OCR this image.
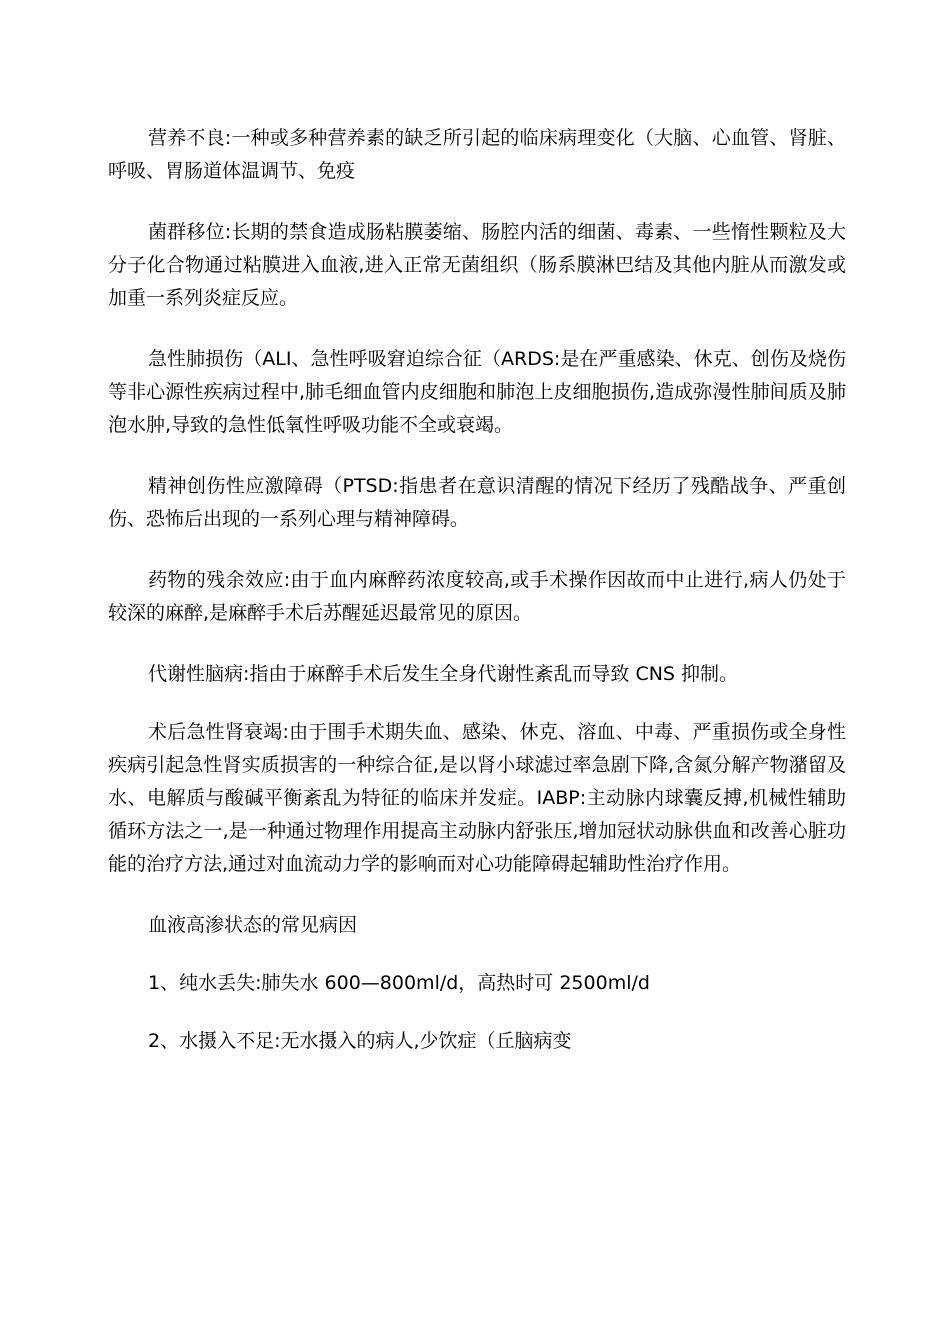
营养不良:一种或多种营养素的缺乏所引起的临床病理变化（大脑、心血管、肾脏、呼吸、胃肠道体温调节、免疫

菌群移位:长期的禁食造成肠粘膜萎缩、肠腔内活的细菌、毒素、一些惰性颗粒及大分子化合物通过粘膜进入血液,进入正常无菌组织（肠系膜淋巴结及其他内脏从而激发或加重一系列炎症反应。

急性肺损伤（ALI、急性呼吸窘迫综合征（ARDS:是在严重感染、休克、创伤及烧伤等非心源性疾病过程中,肺毛细血管内皮细胞和肺泡上皮细胞损伤,造成弥漫性肺间质及肺泡水肿,导致的急性低氧性呼吸功能不全或衰竭。

精神创伤性应激障碍（PTSD:指患者在意识清醒的情况下经历了残酷战争、严重创伤、恐怖后出现的一系列心理与精神障碍。

药物的残余效应:由于血内麻醉药浓度较高,或手术操作因故而中止进行,病人仍处于较深的麻醉,是麻醉手术后苏醒延迟最常见的原因。

代谢性脑病:指由于麻醉手术后发生全身代谢性紊乱而导致 CNS 抑制。

术后急性肾衰竭:由于围手术期失血、感染、休克、溶血、中毒、严重损伤或全身性疾病引起急性肾实质损害的一种综合征,是以肾小球滤过率急剧下降,含氮分解产物潴留及水、电解质与酸碱平衡紊乱为特征的临床并发症。IABP:主动脉内球囊反搏,机械性辅助循环方法之一,是一种通过物理作用提高主动脉内舒张压,增加冠状动脉供血和改善心脏功能的治疗方法,通过对血流动力学的影响而对心功能障碍起辅助性治疗作用。

血液高渗状态的常见病因

1、纯水丢失:肺失水 600—800ml/d，高热时可 2500ml/d

2、水摄入不足:无水摄入的病人,少饮症（丘脑病变
